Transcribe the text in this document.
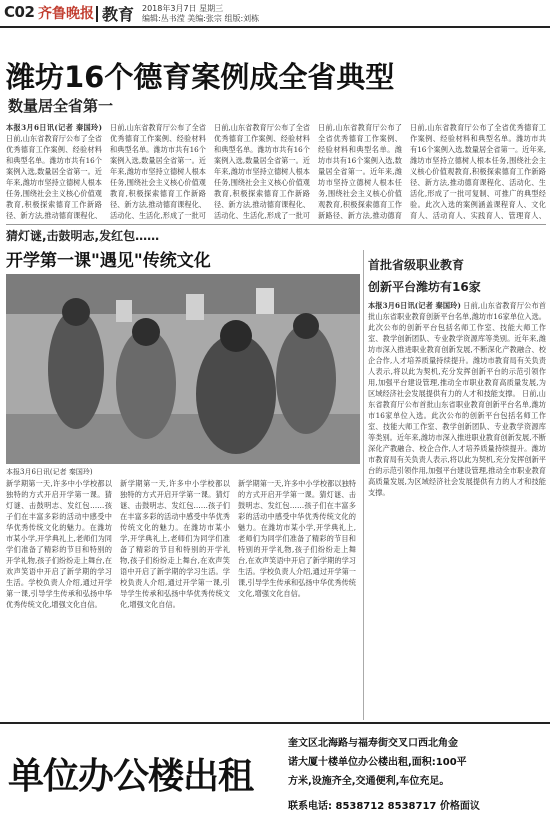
C02 齐鲁晚报 教育 2018年3月7日 星期三
编辑:丛书滢 美编:张宗 组版:刘栋
潍坊16个德育案例成全省典型
数量居全省第一
本报3月6日讯(记者 秦国玲) 日前,山东省教育厅公布了全省优秀德育工作案例、经验材料和典型名单。潍坊市共有16个案例入选,数量居全省第一。近年来,潍坊市坚持立德树人根本任务,围绕社会主义核心价值观教育,积极探索德育工作新路径、新方法,推动德育课程化、
日前,山东省教育厅公布了全省优秀德育工作案例、经验材料和典型名单。潍坊市共有16个案例入选,数量居全省第一。近年来,潍坊市坚持立德树人根本任务,围绕社会主义核心价值观教育,积极探索德育工作新路径、新方法,推动德育课程化、活动化、生活化,形成了一批可
日前,山东省教育厅公布了全省优秀德育工作案例、经验材料和典型名单。潍坊市共有16个案例入选,数量居全省第一。近年来,潍坊市坚持立德树人根本任务,围绕社会主义核心价值观教育,积极探索德育工作新路径、新方法,推动德育课程化、活动化、生活化,形成了一批可
日前,山东省教育厅公布了全省优秀德育工作案例、经验材料和典型名单。潍坊市共有16个案例入选,数量居全省第一。近年来,潍坊市坚持立德树人根本任务,围绕社会主义核心价值观教育,积极探索德育工作新路径、新方法,推动德育
日前,山东省教育厅公布了全省优秀德育工作案例、经验材料和典型名单。潍坊市共有16个案例入选,数量居全省第一。近年来,潍坊市坚持立德树人根本任务,围绕社会主义核心价值观教育,积极探索德育工作新路径、新方法,推动德育课程化、活动化、生活化,形成了一批可复制、可推广的典型经验。此次入选的案例涵盖课程育人、文化育人、活动育人、实践育人、管理育人、
猜灯谜,击鼓明志,发红包……
开学第一课"遇见"传统文化
本报3月6日讯(记者 秦国玲)
新学期第一天,许多中小学校都以独特的方式开启开学第一课。猜灯谜、击鼓明志、发红包……孩子们在丰富多彩的活动中感受中华优秀传统文化的魅力。在潍坊市某小学,开学典礼上,老师们为同学们准备了精彩的节目和特别的开学礼物,孩子们纷纷走上舞台,在欢声笑语中开启了新学期的学习生活。学校负责人介绍,通过开学第一课,引导学生传承和弘扬中华优秀传统文化,增强文化自信。
新学期第一天,许多中小学校都以独特的方式开启开学第一课。猜灯谜、击鼓明志、发红包……孩子们在丰富多彩的活动中感受中华优秀传统文化的魅力。在潍坊市某小学,开学典礼上,老师们为同学们准备了精彩的节目和特别的开学礼物,孩子们纷纷走上舞台,在欢声笑语中开启了新学期的学习生活。学校负责人介绍,通过开学第一课,引导学生传承和弘扬中华优秀传统文化,增强文化自信。
新学期第一天,许多中小学校都以独特的方式开启开学第一课。猜灯谜、击鼓明志、发红包……孩子们在丰富多彩的活动中感受中华优秀传统文化的魅力。在潍坊市某小学,开学典礼上,老师们为同学们准备了精彩的节目和特别的开学礼物,孩子们纷纷走上舞台,在欢声笑语中开启了新学期的学习生活。学校负责人介绍,通过开学第一课,引导学生传承和弘扬中华优秀传统文化,增强文化自信。
首批省级职业教育
创新平台潍坊有16家
本报3月6日讯(记者 秦国玲) 日前,山东省教育厅公布首批山东省职业教育创新平台名单,潍坊市16家单位入选。此次公布的创新平台包括名师工作室、技能大师工作室、教学创新团队、专业教学资源库等类别。近年来,潍坊市深入推进职业教育创新发展,不断深化产教融合、校企合作,人才培养质量持续提升。潍坊市教育局有关负责人表示,将以此为契机,充分发挥创新平台的示范引领作用,加强平台建设管理,推动全市职业教育高质量发展,为区域经济社会发展提供有力的人才和技能支撑。 日前,山东省教育厅公布首批山东省职业教育创新平台名单,潍坊市16家单位入选。此次公布的创新平台包括名师工作室、技能大师工作室、教学创新团队、专业教学资源库等类别。近年来,潍坊市深入推进职业教育创新发展,不断深化产教融合、校企合作,人才培养质量持续提升。潍坊市教育局有关负责人表示,将以此为契机,充分发挥创新平台的示范引领作用,加强平台建设管理,推动全市职业教育高质量发展,为区域经济社会发展提供有力的人才和技能支撑。
单位办公楼出租
奎文区北海路与福寿街交叉口西北角金
诺大厦十楼单位办公楼出租,面积:100平
方米,设施齐全,交通便利,车位充足。
联系电话: 8538712 8538717 价格面议
